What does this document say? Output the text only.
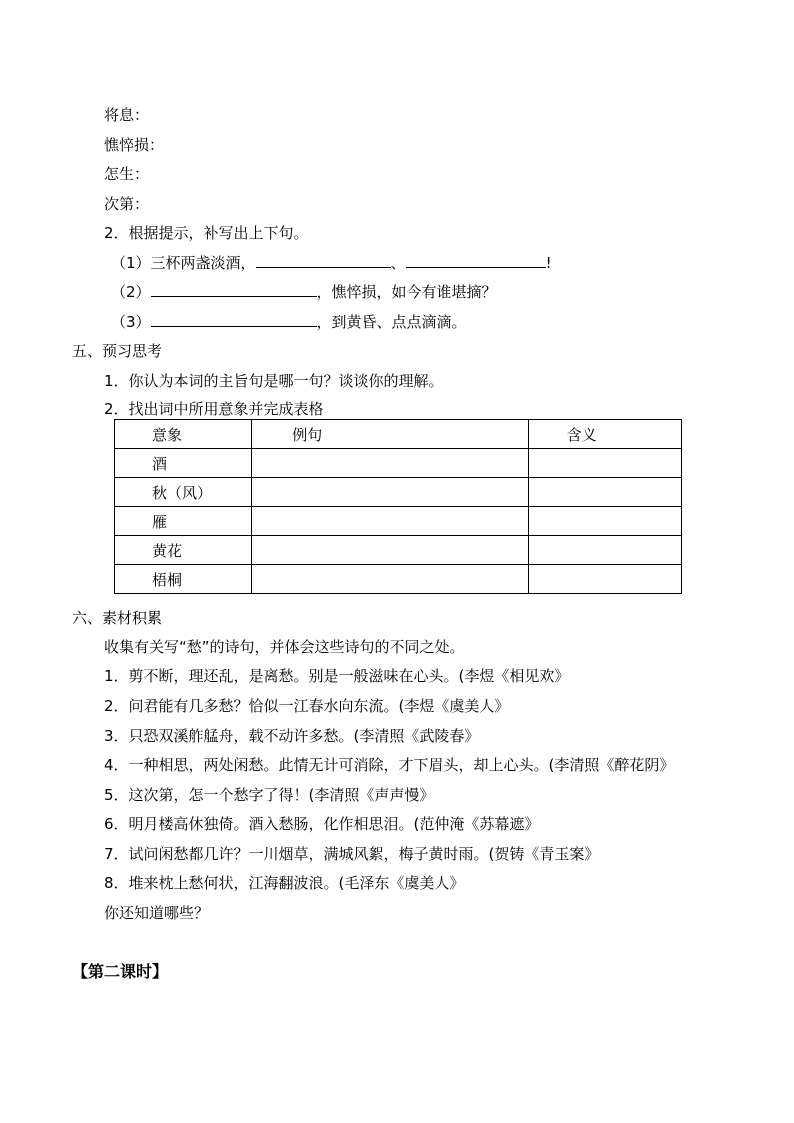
将息：
憔悴损：
怎生：
次第：
2．根据提示，补写出上下句。
（1）三杯两盏淡酒，	、	!
（2）	，憔悴损，如今有谁堪摘？
（3）	，到黄昏、点点滴滴。
五、预习思考
1．你认为本词的主旨句是哪一句？谈谈你的理解。
2．找出词中所用意象并完成表格
意象	例句	含义
酒		
秋（风）		
雁		
黄花		
梧桐		
六、素材积累
收集有关写“愁”的诗句，并体会这些诗句的不同之处。
1．剪不断，理还乱，是离愁。别是一般滋味在心头。(李煜《相见欢》
2．问君能有几多愁？恰似一江春水向东流。(李煜《虞美人》
3．只恐双溪舴艋舟，载不动许多愁。(李清照《武陵春》
4．一种相思，两处闲愁。此情无计可消除，才下眉头，却上心头。(李清照《醉花阴》
5．这次第，怎一个愁字了得！(李清照《声声慢》
6．明月楼高休独倚。酒入愁肠，化作相思泪。(范仲淹《苏幕遮》
7．试问闲愁都几许？一川烟草，满城风絮，梅子黄时雨。(贺铸《青玉案》
8．堆来枕上愁何状，江海翻波浪。(毛泽东《虞美人》
你还知道哪些？
【第二课时】
